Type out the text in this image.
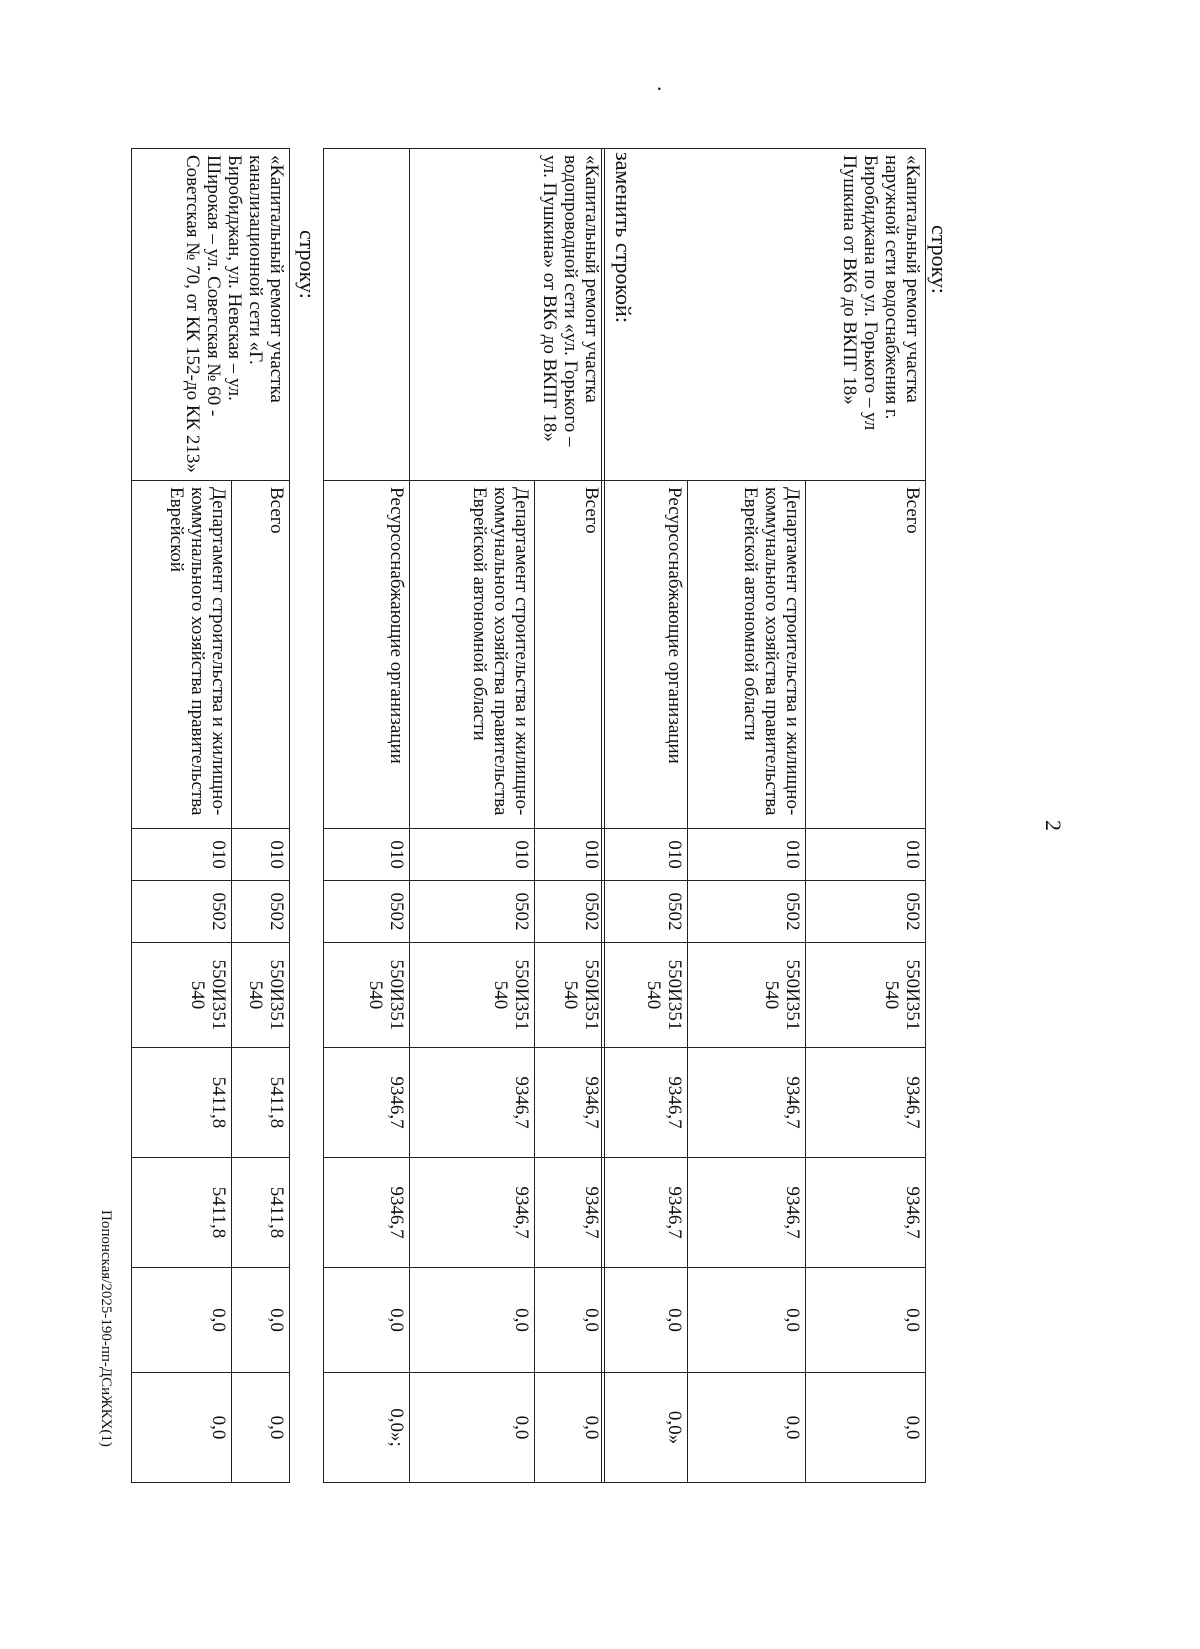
2
.
Попонская/2025-190-пп-ДСиЖКХ(1)
строку:
«Капитальный ремонт участка наружной сети водоснабжения г. Биробиджана по ул. Горького – ул Пушкина от ВК6 до ВКПГ 18»	Всего	010	0502	550И351 540	9346,7	9346,7	0,0	0,0
	Департамент строительства и жилищно-коммунального хозяйства правительства Еврейской автономной области	010	0502	550И351 540	9346,7	9346,7	0,0	0,0
	Ресурсоснабжающие организации	010	0502	550И351 540	9346,7	9346,7	0,0	0,0»
заменить строкой:
«Капитальный ремонт участка водопроводной сети «ул. Горького – ул. Пушкина» от ВК6 до ВКПГ 18»	Всего	010	0502	550И351 540	9346,7	9346,7	0,0	0,0
	Департамент строительства и жилищно-коммунального хозяйства правительства Еврейской автономной области	010	0502	550И351 540	9346,7	9346,7	0,0	0,0
	Ресурсоснабжающие организации	010	0502	550И351 540	9346,7	9346,7	0,0	0,0»;
строку:
«Капитальный ремонт участка канализационной сети «Г. Биробиджан, ул. Невская – ул. Широкая – ул. Советская № 60 - Советская № 70, от КК 152-до КК 213»	Всего	010	0502	550И351 540	5411,8	5411,8	0,0	0,0
	Департамент строительства и жилищно-коммунального хозяйства правительства Еврейской	010	0502	550И351 540	5411,8	5411,8	0,0	0,0
